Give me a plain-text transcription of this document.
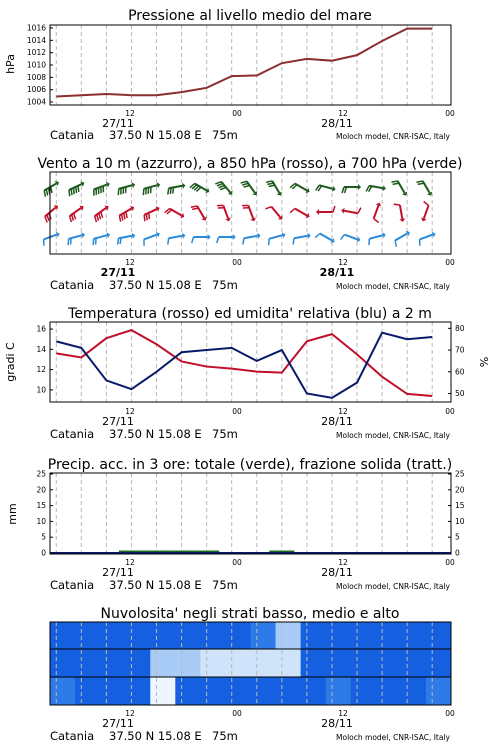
Pressione al livello medio del mare
hPa
1004
1006
1008
1010
1012
1014
1016
12	00	12	00
27/11	28/11
Catania 37.50 N 15.08 E 75m	Moloch model, CNR-ISAC, Italy
Vento a 10 m (azzurro), a 850 hPa (rosso), a 700 hPa (verde)
12	00	12	00
27/11	28/11
Catania 37.50 N 15.08 E 75m	Moloch model, CNR-ISAC, Italy
Temperatura (rosso) ed umidita' relativa (blu) a 2 m
gradi C	%
10
12
14
16
50
60
70
80
12	00	12	00
27/11	28/11
Catania 37.50 N 15.08 E 75m	Moloch model, CNR-ISAC, Italy
Precip. acc. in 3 ore: totale (verde), frazione solida (tratt.)
mm
0
5
10
15
20
25
0
5
10
15
20
25
12	00	12	00
27/11	28/11
Catania 37.50 N 15.08 E 75m	Moloch model, CNR-ISAC, Italy
Nuvolosita' negli strati basso, medio e alto
12	00	12	00
27/11	28/11
Catania 37.50 N 15.08 E 75m	Moloch model, CNR-ISAC, Italy
